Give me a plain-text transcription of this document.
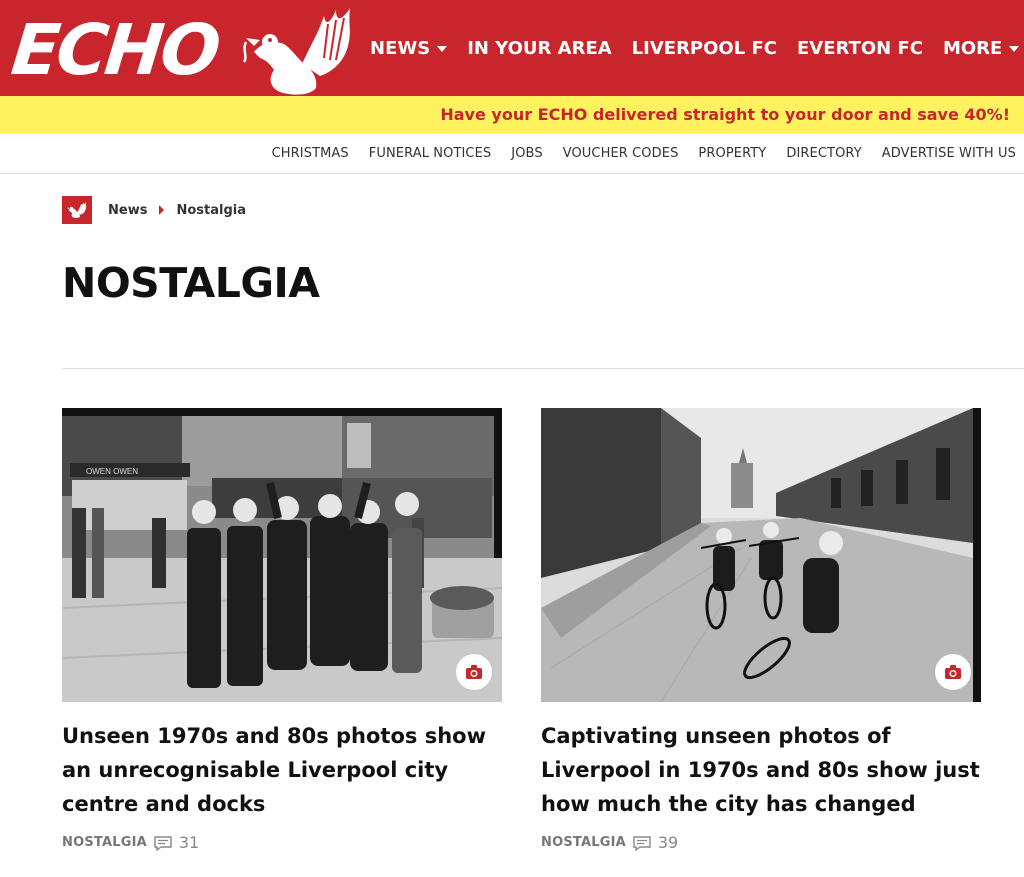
ECHO	NEWS IN YOUR AREA LIVERPOOL FC EVERTON FC MORE
Have your ECHO delivered straight to your door and save 40%!
CHRISTMAS FUNERAL NOTICES JOBS VOUCHER CODES PROPERTY DIRECTORY ADVERTISE WITH US
News Nostalgia
NOSTALGIA
OWEN OWEN
Unseen 1970s and 80s photos show an unrecognisable Liverpool city centre and docks
NOSTALGIA 31
Captivating unseen photos of Liverpool in 1970s and 80s show just how much the city has changed
NOSTALGIA 39
